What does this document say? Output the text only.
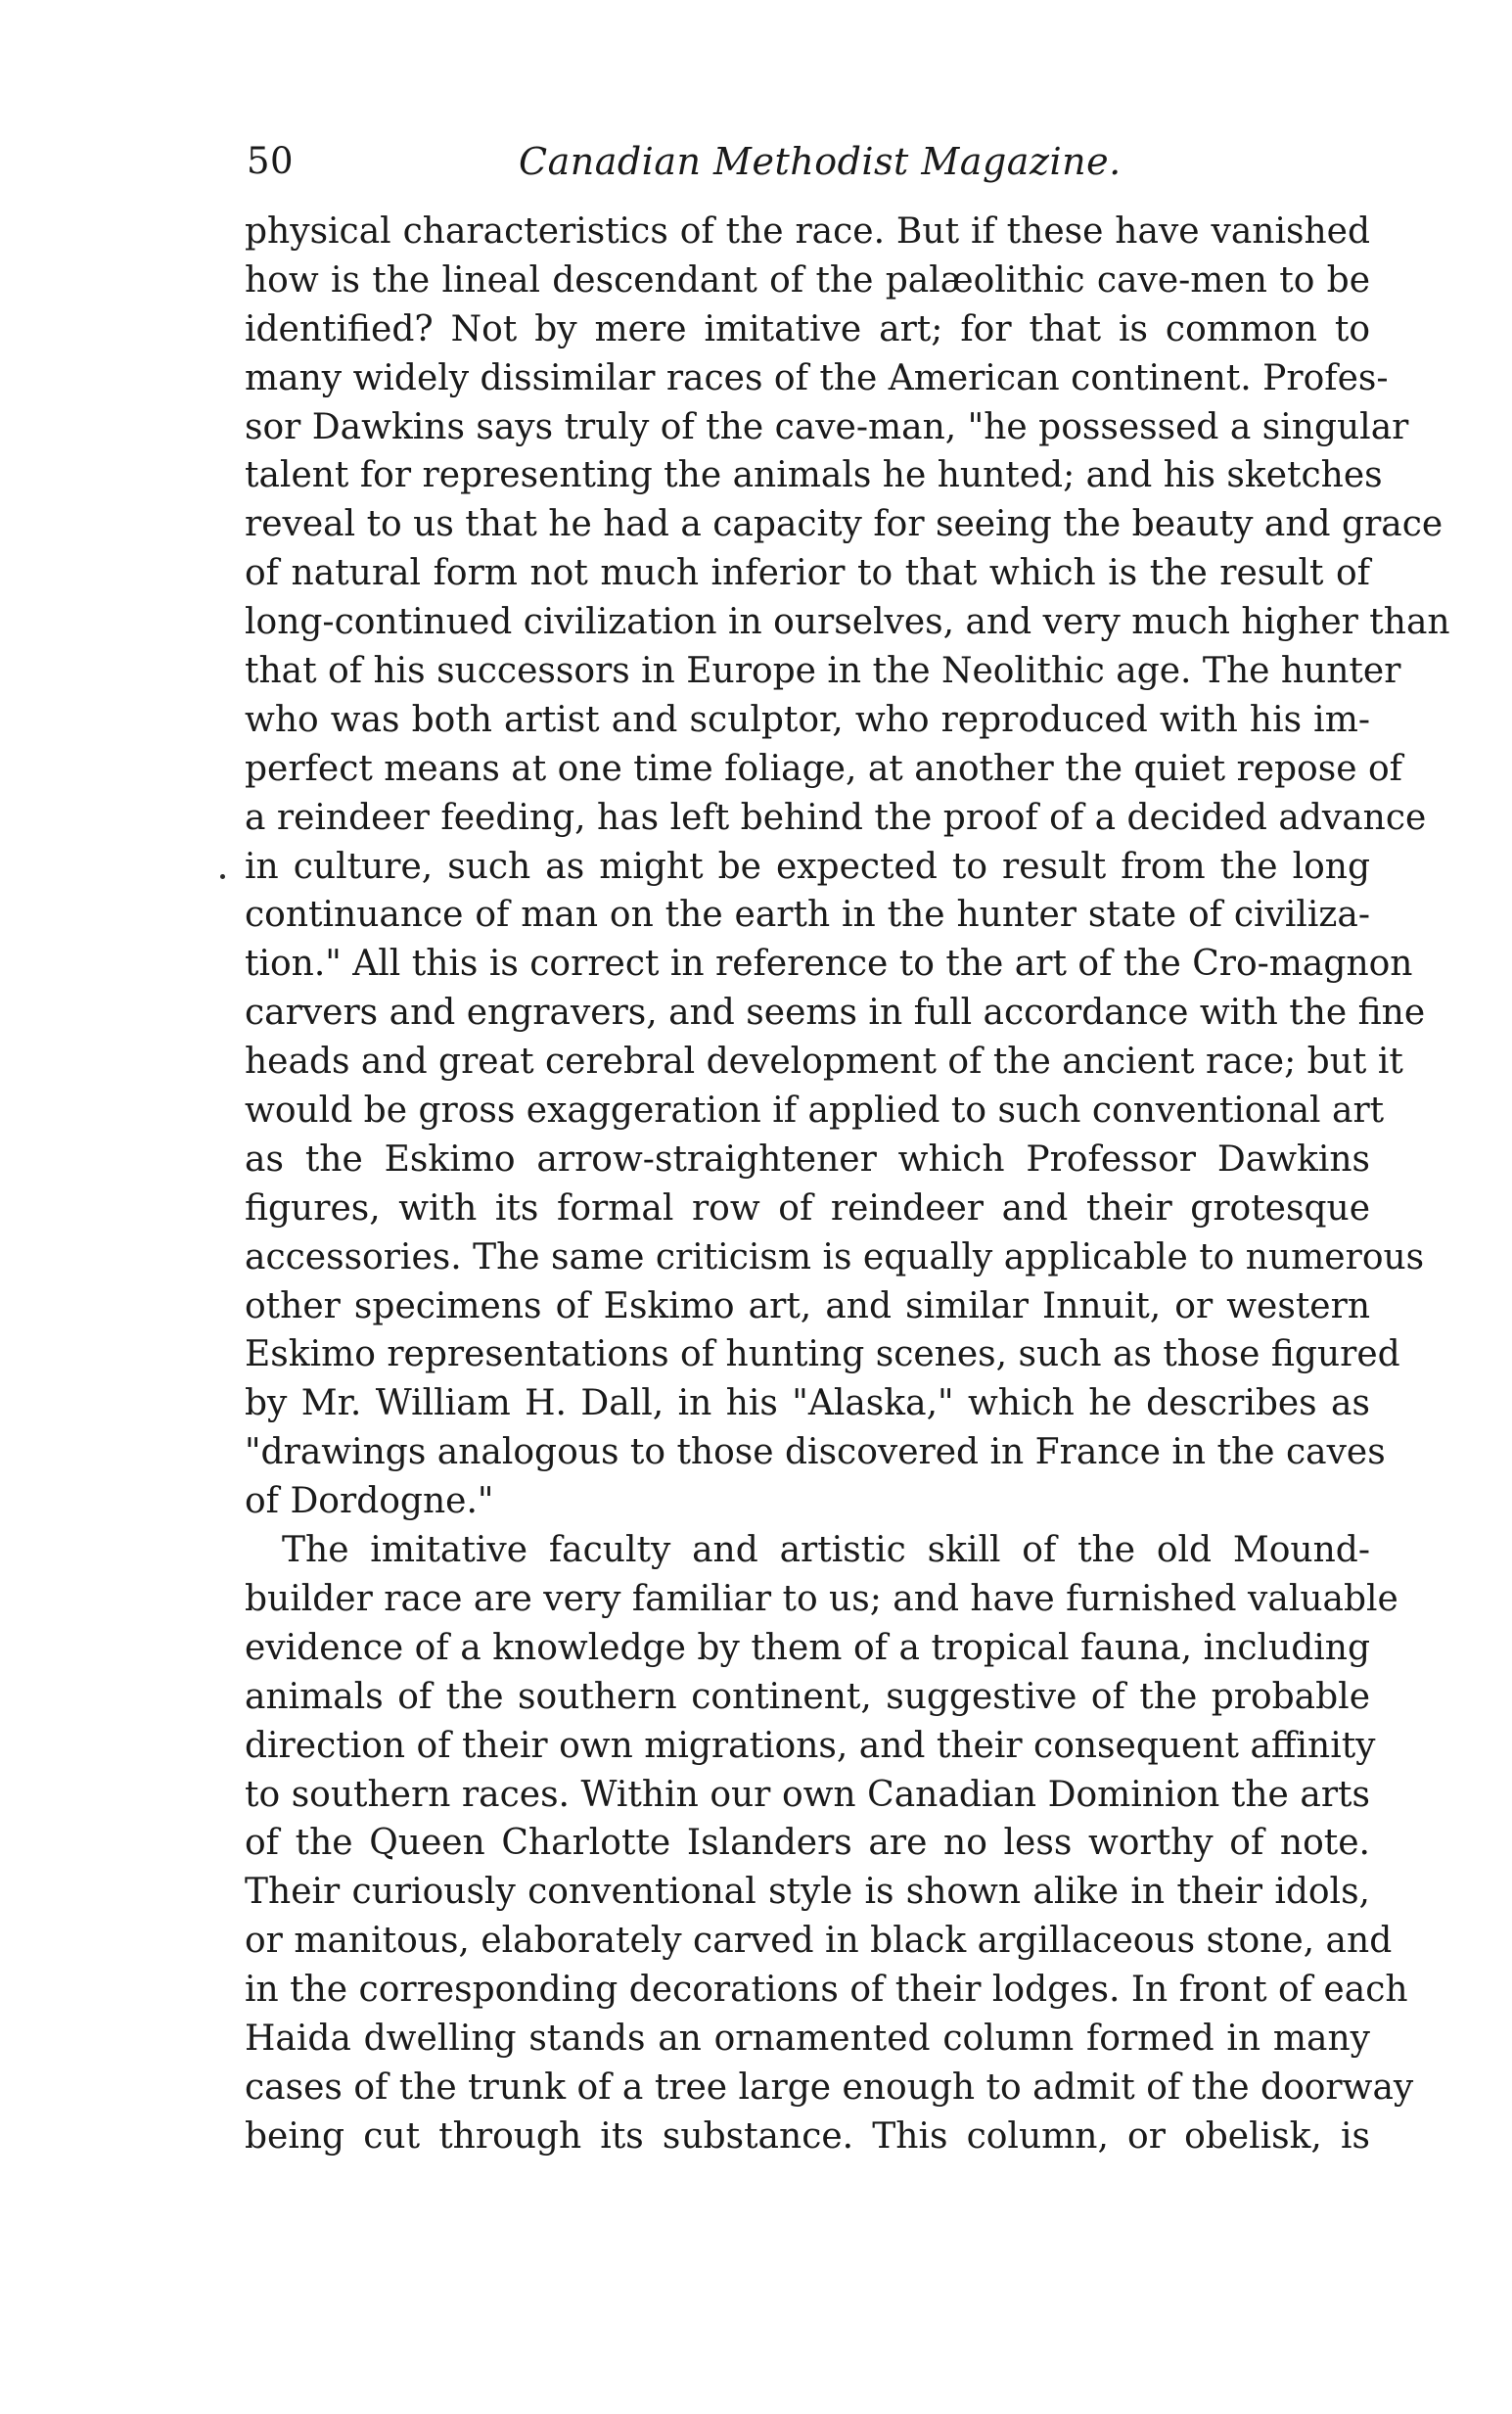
50	Canadian Methodist Magazine.
physical characteristics of the race. But if these have vanished
how is the lineal descendant of the palæolithic cave-men to be
identified? Not by mere imitative art; for that is common to
many widely dissimilar races of the American continent. Profes-
sor Dawkins says truly of the cave-man, "he possessed a singular
talent for representing the animals he hunted; and his sketches
reveal to us that he had a capacity for seeing the beauty and grace
of natural form not much inferior to that which is the result of
long-continued civilization in ourselves, and very much higher than
that of his successors in Europe in the Neolithic age. The hunter
who was both artist and sculptor, who reproduced with his im-
perfect means at one time foliage, at another the quiet repose of
a reindeer feeding, has left behind the proof of a decided advance
in culture, such as might be expected to result from the long
continuance of man on the earth in the hunter state of civiliza-
tion." All this is correct in reference to the art of the Cro-magnon
carvers and engravers, and seems in full accordance with the fine
heads and great cerebral development of the ancient race; but it
would be gross exaggeration if applied to such conventional art
as the Eskimo arrow-straightener which Professor Dawkins
figures, with its formal row of reindeer and their grotesque
accessories. The same criticism is equally applicable to numerous
other specimens of Eskimo art, and similar Innuit, or western
Eskimo representations of hunting scenes, such as those figured
by Mr. William H. Dall, in his "Alaska," which he describes as
"drawings analogous to those discovered in France in the caves
of Dordogne."
The imitative faculty and artistic skill of the old Mound-
builder race are very familiar to us; and have furnished valuable
evidence of a knowledge by them of a tropical fauna, including
animals of the southern continent, suggestive of the probable
direction of their own migrations, and their consequent affinity
to southern races. Within our own Canadian Dominion the arts
of the Queen Charlotte Islanders are no less worthy of note.
Their curiously conventional style is shown alike in their idols,
or manitous, elaborately carved in black argillaceous stone, and
in the corresponding decorations of their lodges. In front of each
Haida dwelling stands an ornamented column formed in many
cases of the trunk of a tree large enough to admit of the doorway
being cut through its substance. This column, or obelisk, is
